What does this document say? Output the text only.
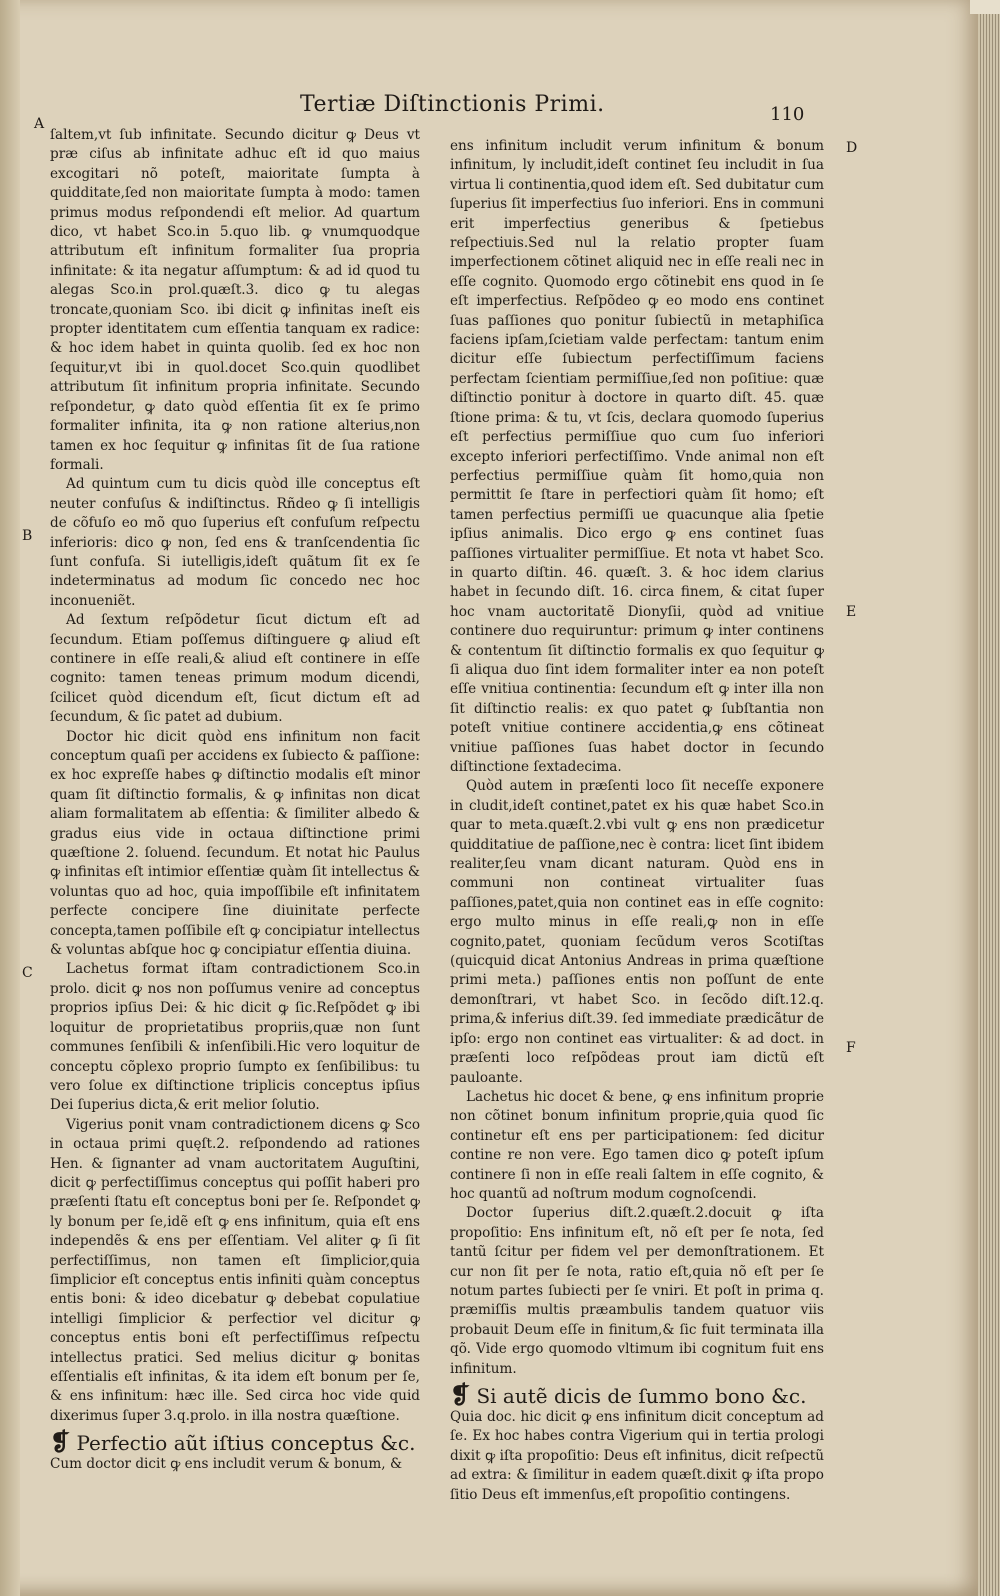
Tertiæ Diſtinctionis Primi.	110
A
B
C
D
E
F

ſaltem,vt ſub infinitate. Secundo dicitur ꝙ Deus vt præ ciſus ab infinitate adhuc eſt id quo maius excogitari nõ poteſt, maioritate ſumpta à quidditate,ſed non maioritate ſumpta à modo: tamen primus modus reſpondendi eſt melior. Ad quartum dico, vt habet Sco.in 5.quo lib. ꝙ vnumquodque attributum eſt infinitum formaliter ſua propria infinitate: & ita negatur aſſumptum: & ad id quod tu alegas Sco.in prol.quæſt.3. dico ꝙ tu alegas troncate,quoniam Sco. ibi dicit ꝙ infinitas ineſt eis propter identitatem cum eſſentia tanquam ex radice: & hoc idem habet in quinta quolib. ſed ex hoc non ſequitur,vt ibi in quol.docet Sco.quin quodlibet attributum ſit infinitum propria infinitate. Secundo reſpondetur, ꝙ dato quòd eſſentia ſit ex ſe primo formaliter infinita, ita ꝙ non ratione alterius,non tamen ex hoc ſequitur ꝙ infinitas ſit de ſua ratione formali.

Ad quintum cum tu dicis quòd ille conceptus eſt neuter confuſus & indiſtinctus. Rñdeo ꝙ ſi intelligis de cõfuſo eo mõ quo ſuperius eſt confuſum reſpectu inferioris: dico ꝙ non, ſed ens & tranſcendentia ſic ſunt confuſa. Si iutelligis,ideſt quãtum ſit ex ſe indeterminatus ad modum ſic concedo nec hoc inconueniẽt.

Ad ſextum reſpõdetur ſicut dictum eſt ad ſecundum. Etiam poſſemus diſtinguere ꝙ aliud eſt continere in eſſe reali,& aliud eſt continere in eſſe cognito: tamen teneas primum modum dicendi, ſcilicet quòd dicendum eſt, ſicut dictum eſt ad ſecundum, & ſic patet ad dubium.

Doctor hic dicit quòd ens infinitum non facit conceptum quaſi per accidens ex ſubiecto & paſſione: ex hoc expreſſe habes ꝙ diſtinctio modalis eſt minor quam ſit diſtinctio formalis, & ꝙ infinitas non dicat aliam formalitatem ab eſſentia: & ſimiliter albedo & gradus eius vide in octaua diſtinctione primi quæſtione 2. ſoluend. ſecundum. Et notat hic Paulus ꝙ infinitas eſt intimior eſſentiæ quàm ſit intellectus & voluntas quo ad hoc, quia impoſſibile eſt infinitatem perfecte concipere ſine diuinitate perfecte concepta,tamen poſſibile eſt ꝙ concipiatur intellectus & voluntas abſque hoc ꝙ concipiatur eſſentia diuina.

Lachetus format iſtam contradictionem Sco.in prolo. dicit ꝙ nos non poſſumus venire ad conceptus proprios ipſius Dei: & hic dicit ꝙ ſic.Reſpõdet ꝙ ibi loquitur de proprietatibus propriis,quæ non ſunt communes ſenſibili & inſenſibili.Hic vero loquitur de conceptu cõplexo proprio ſumpto ex ſenſibilibus: tu vero ſolue ex diſtinctione triplicis conceptus ipſius Dei ſuperius dicta,& erit melior ſolutio.

Vigerius ponit vnam contradictionem dicens ꝙ Sco in octaua primi quęſt.2. reſpondendo ad rationes Hen. & ſignanter ad vnam auctoritatem Auguſtini, dicit ꝙ perfectiſſimus conceptus qui poſſit haberi pro præſenti ſtatu eſt conceptus boni per ſe. Reſpondet ꝙ ly bonum per ſe,idẽ eſt ꝙ ens infinitum, quia eſt ens independẽs & ens per eſſentiam. Vel aliter ꝙ ſi ſit perfectiſſimus, non tamen eſt ſimplicior,quia ſimplicior eſt conceptus entis infiniti quàm conceptus entis boni: & ideo dicebatur ꝙ debebat copulatiue intelligi ſimplicior & perfectior vel dicitur ꝙ conceptus entis boni eſt perfectiſſimus reſpectu intellectus pratici. Sed melius dicitur ꝙ bonitas eſſentialis eſt infinitas, & ita idem eſt bonum per ſe, & ens infinitum: hæc ille. Sed circa hoc vide quid dixerimus ſuper 3.q.prolo. in illa nostra quæſtione.

❡ Perfectio aũt iſtius conceptus &c.

Cum doctor dicit ꝙ ens includit verum & bonum, &

ens infinitum includit verum infinitum & bonum infinitum, ly includit,ideſt continet ſeu includit in ſua virtua li continentia,quod idem eſt. Sed dubitatur cum ſuperius ſit imperfectius ſuo inferiori. Ens in communi erit imperfectius generibus & ſpetiebus reſpectiuis.Sed nul la relatio propter ſuam imperfectionem cõtinet aliquid nec in eſſe reali nec in eſſe cognito. Quomodo ergo cõtinebit ens quod in ſe eſt imperfectius. Reſpõdeo ꝙ eo modo ens continet ſuas paſſiones quo ponitur ſubiectũ in metaphiſica faciens ipſam,ſcietiam valde perfectam: tantum enim dicitur eſſe ſubiectum perfectiſſimum faciens perfectam ſcientiam permiſſiue,ſed non poſitiue: quæ diſtinctio ponitur à doctore in quarto diſt. 45. quæ ſtione prima: & tu, vt ſcis, declara quomodo ſuperius eſt perfectius permiſſiue quo cum ſuo inferiori excepto inferiori perfectiſſimo. Vnde animal non eſt perfectius permiſſiue quàm ſit homo,quia non permittit ſe ſtare in perfectiori quàm ſit homo; eſt tamen perfectius permiſſi ue quacunque alia ſpetie ipſius animalis. Dico ergo ꝙ ens continet ſuas paſſiones virtualiter permiſſiue. Et nota vt habet Sco. in quarto diſtin. 46. quæſt. 3. & hoc idem clarius habet in ſecundo diſt. 16. circa finem, & citat ſuper hoc vnam auctoritatẽ Dionyſii, quòd ad vnitiue continere duo requiruntur: primum ꝙ inter continens & contentum ſit diſtinctio formalis ex quo ſequitur ꝙ ſi aliqua duo ſint idem formaliter inter ea non poteſt eſſe vnitiua continentia: ſecundum eſt ꝙ inter illa non ſit diſtinctio realis: ex quo patet ꝙ ſubſtantia non poteſt vnitiue continere accidentia,ꝙ ens cõtineat vnitiue paſſiones ſuas habet doctor in ſecundo diſtinctione ſextadecima.

Quòd autem in præſenti loco ſit neceſſe exponere in cludit,ideſt continet,patet ex his quæ habet Sco.in quar to meta.quæſt.2.vbi vult ꝙ ens non prædicetur quidditatiue de paſſione,nec è contra: licet ſint ibidem realiter,ſeu vnam dicant naturam. Quòd ens in communi non contineat virtualiter ſuas paſſiones,patet,quia non continet eas in eſſe cognito: ergo multo minus in eſſe reali,ꝙ non in eſſe cognito,patet, quoniam ſecũdum veros Scotiſtas (quicquid dicat Antonius Andreas in prima quæſtione primi meta.) paſſiones entis non poſſunt de ente demonſtrari, vt habet Sco. in ſecõdo diſt.12.q. prima,& inferius diſt.39. ſed immediate prædicãtur de ipſo: ergo non continet eas virtualiter: & ad doct. in præſenti loco reſpõdeas prout iam dictũ eſt pauloante.

Lachetus hic docet & bene, ꝙ ens infinitum proprie non cõtinet bonum infinitum proprie,quia quod ſic continetur eſt ens per participationem: ſed dicitur contine re non vere. Ego tamen dico ꝙ poteſt ipſum continere ſi non in eſſe reali ſaltem in eſſe cognito, & hoc quantũ ad noſtrum modum cognoſcendi.

Doctor ſuperius diſt.2.quæſt.2.docuit ꝙ iſta propoſitio: Ens infinitum eſt, nõ eſt per ſe nota, ſed tantũ ſcitur per fidem vel per demonſtrationem. Et cur non ſit per ſe nota, ratio eſt,quia nõ eſt per ſe notum partes ſubiecti per ſe vniri. Et poſt in prima q. præmiſſis multis præambulis tandem quatuor viis probauit Deum eſſe in finitum,& ſic fuit terminata illa qõ. Vide ergo quomodo vltimum ibi cognitum fuit ens infinitum.

❡ Si autẽ dicis de ſummo bono &c.

Quia doc. hic dicit ꝙ ens infinitum dicit conceptum ad ſe. Ex hoc habes contra Vigerium qui in tertia prologi dixit ꝙ iſta propoſitio: Deus eſt infinitus, dicit reſpectũ ad extra: & ſimilitur in eadem quæſt.dixit ꝙ iſta propo ſitio Deus eſt immenſus,eſt propoſitio contingens.
